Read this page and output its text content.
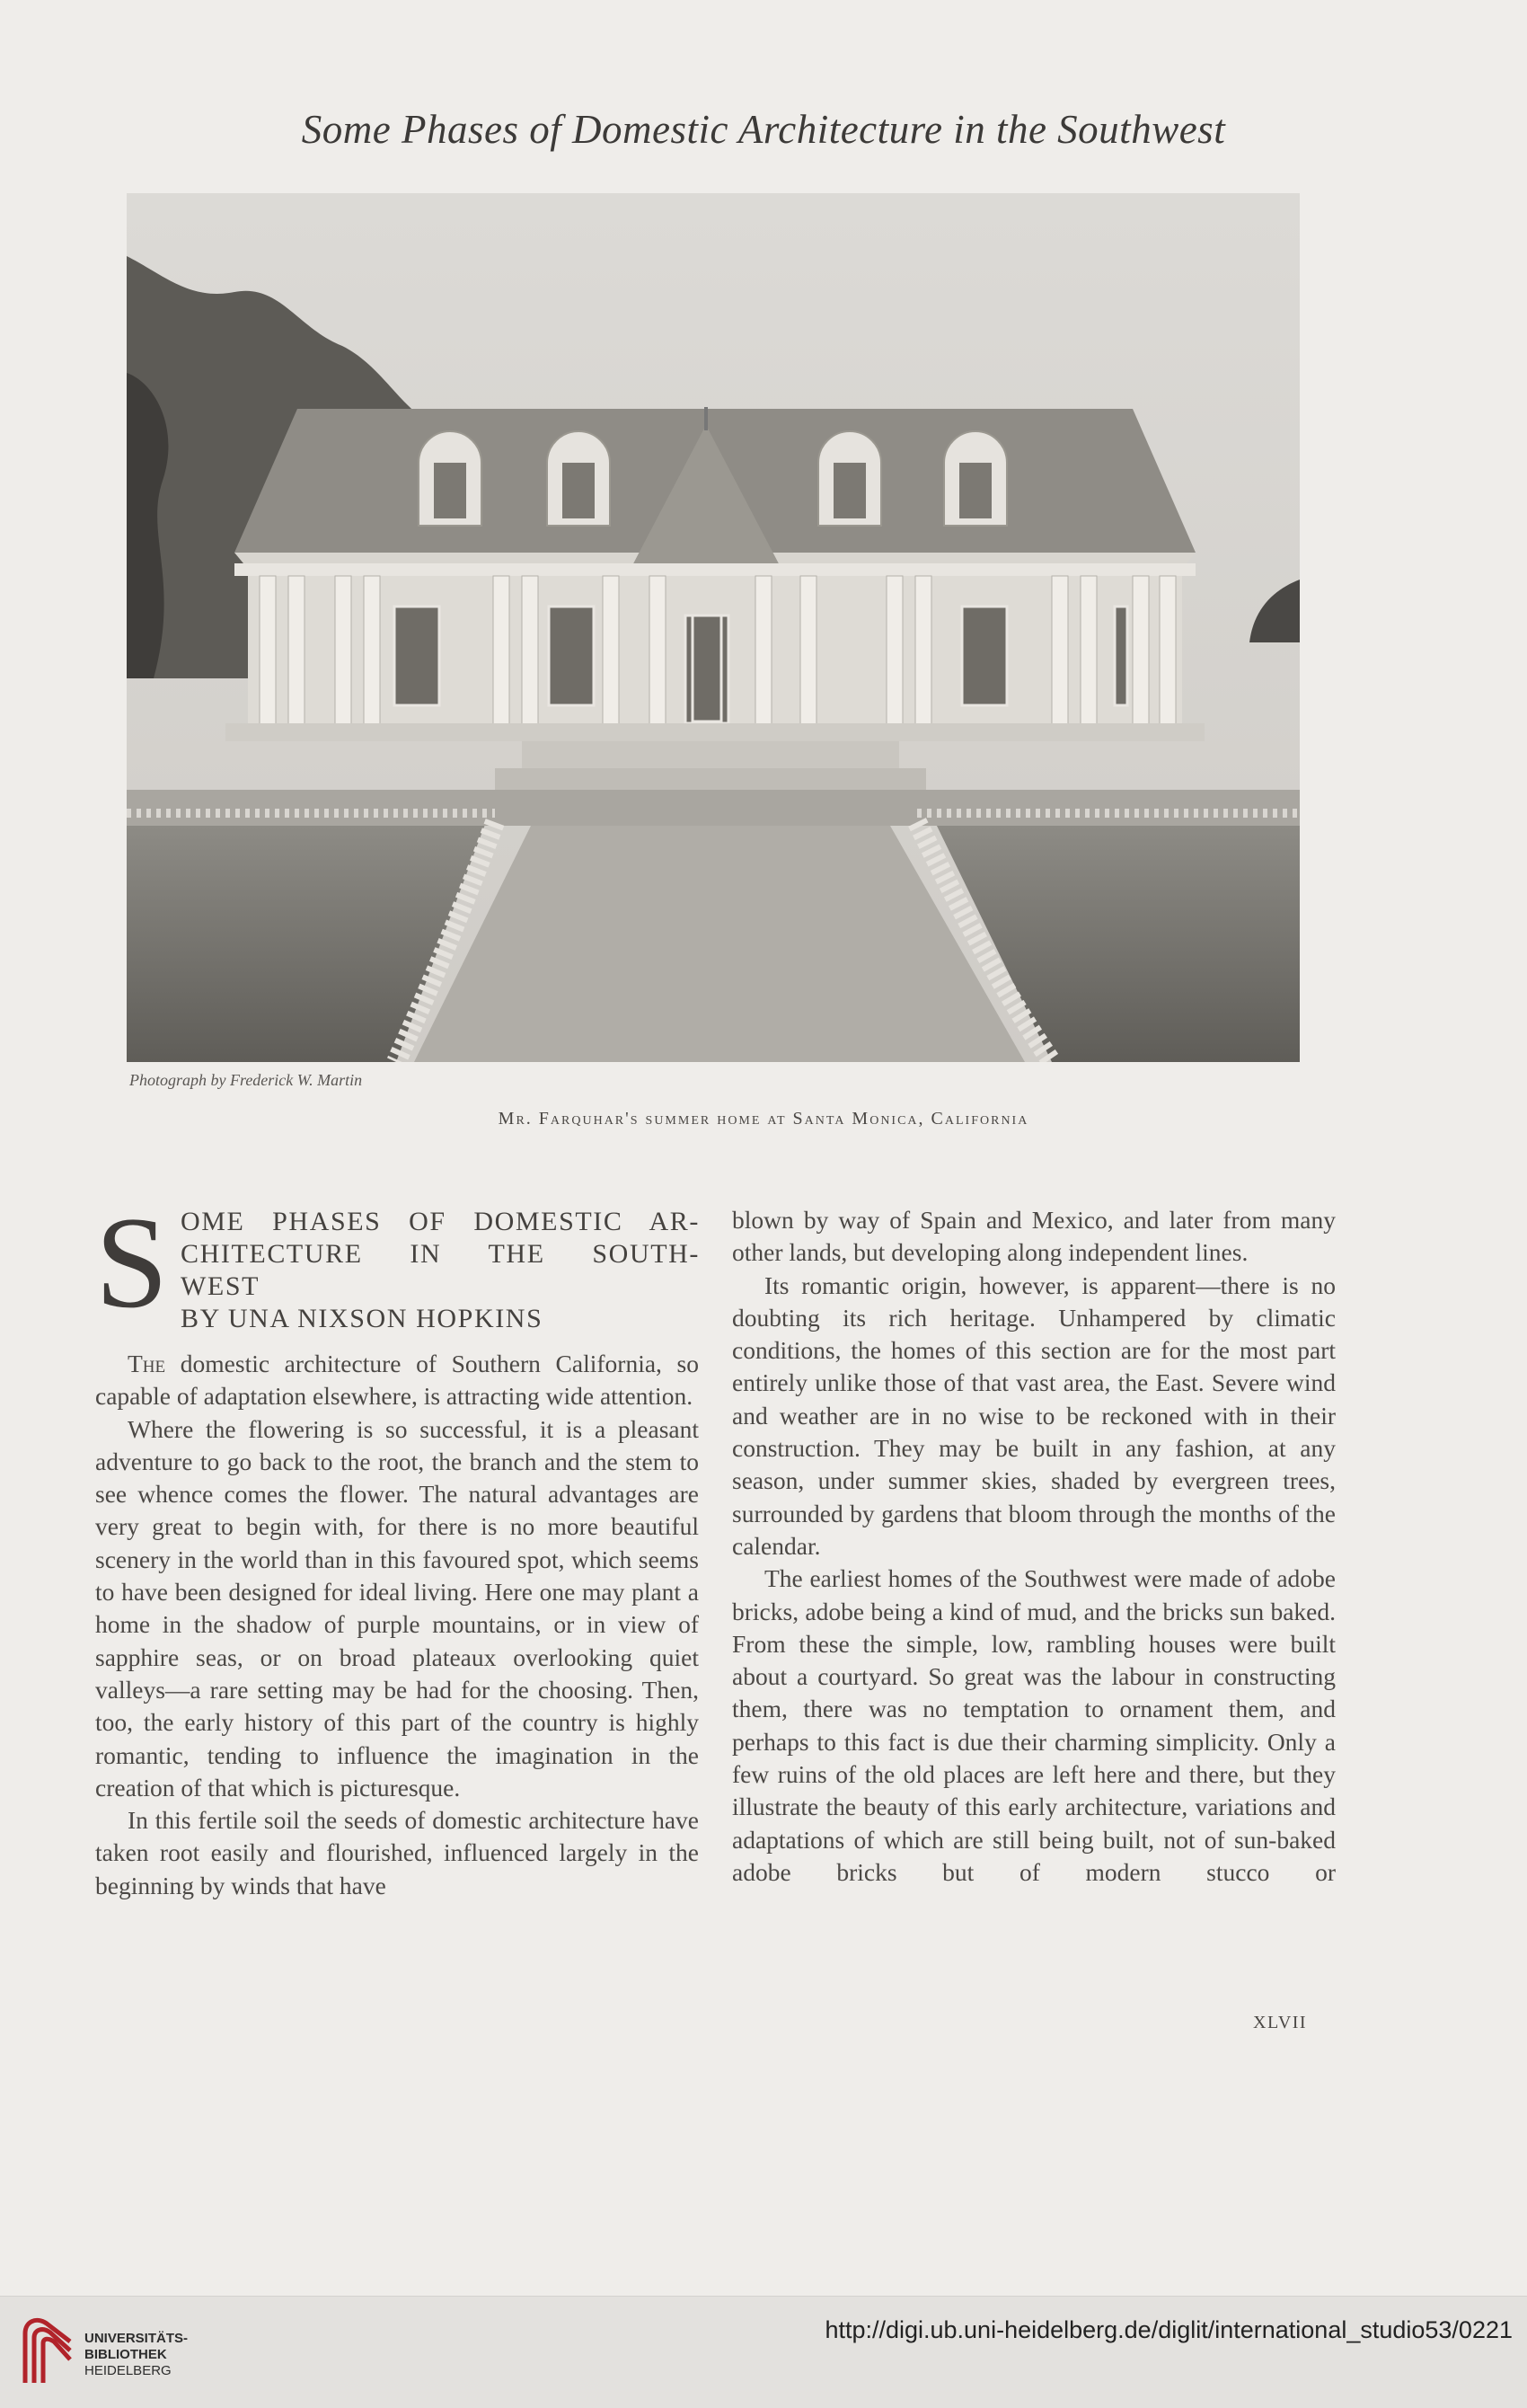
Some Phases of Domestic Architecture in the Southwest
Photograph by Frederick W. Martin
Mr. Farquhar's summer home at Santa Monica, California
S OME PHASES OF DOMESTIC AR-
CHITECTURE IN THE SOUTH-
WEST
BY UNA NIXSON HOPKINS

The domestic architecture of Southern California, so capable of adaptation elsewhere, is attracting wide attention.

Where the flowering is so successful, it is a pleasant adventure to go back to the root, the branch and the stem to see whence comes the flower. The natural advantages are very great to begin with, for there is no more beautiful scenery in the world than in this favoured spot, which seems to have been designed for ideal living. Here one may plant a home in the shadow of purple mountains, or in view of sapphire seas, or on broad plateaux overlooking quiet valleys—a rare setting may be had for the choosing. Then, too, the early history of this part of the country is highly romantic, tending to influence the imagination in the creation of that which is picturesque.

In this fertile soil the seeds of domestic architecture have taken root easily and flourished, influenced largely in the beginning by winds that have

blown by way of Spain and Mexico, and later from many other lands, but developing along independent lines.

Its romantic origin, however, is apparent—there is no doubting its rich heritage. Unhampered by climatic conditions, the homes of this section are for the most part entirely unlike those of that vast area, the East. Severe wind and weather are in no wise to be reckoned with in their construction. They may be built in any fashion, at any season, under summer skies, shaded by evergreen trees, surrounded by gardens that bloom through the months of the calendar.

The earliest homes of the Southwest were made of adobe bricks, adobe being a kind of mud, and the bricks sun baked. From these the simple, low, rambling houses were built about a courtyard. So great was the labour in constructing them, there was no temptation to ornament them, and perhaps to this fact is due their charming simplicity. Only a few ruins of the old places are left here and there, but they illustrate the beauty of this early architecture, variations and adaptations of which are still being built, not of sun-baked adobe bricks but of modern stucco or

XLVII
UNIVERSITÄTS-
BIBLIOTHEK
HEIDELBERG
http://digi.ub.uni-heidelberg.de/diglit/international_studio53/0221
